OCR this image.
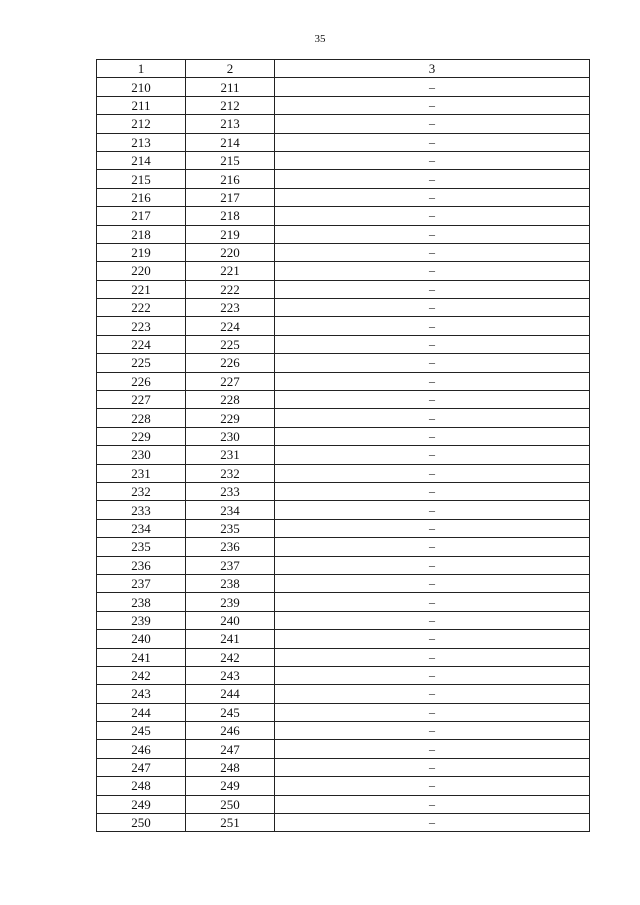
35
1	2	3
210	211	–
211	212	–
212	213	–
213	214	–
214	215	–
215	216	–
216	217	–
217	218	–
218	219	–
219	220	–
220	221	–
221	222	–
222	223	–
223	224	–
224	225	–
225	226	–
226	227	–
227	228	–
228	229	–
229	230	–
230	231	–
231	232	–
232	233	–
233	234	–
234	235	–
235	236	–
236	237	–
237	238	–
238	239	–
239	240	–
240	241	–
241	242	–
242	243	–
243	244	–
244	245	–
245	246	–
246	247	–
247	248	–
248	249	–
249	250	–
250	251	–
